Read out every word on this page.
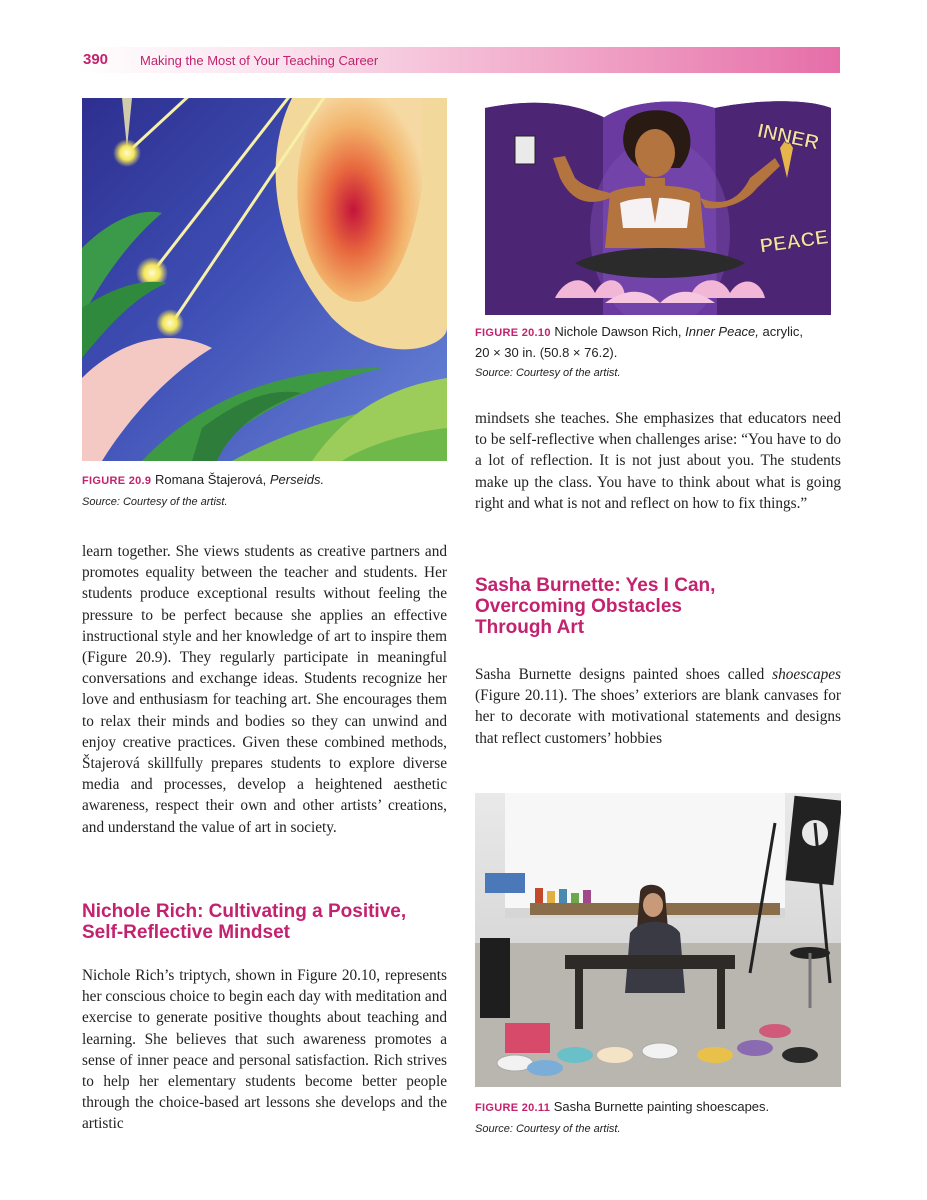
390 Making the Most of Your Teaching Career
FIGURE 20.9 Romana Štajerová, Perseids.
Source: Courtesy of the artist.

learn together. She views students as creative partners and promotes equality between the teacher and students. Her students produce exceptional results without feeling the pressure to be perfect because she applies an effective instructional style and her knowledge of art to inspire them (Figure 20.9). They regularly participate in meaningful conversations and exchange ideas. Students recognize her love and enthusiasm for teaching art. She encourages them to relax their minds and bodies so they can unwind and enjoy creative practices. Given these combined methods, Štajerová skillfully prepares students to explore diverse media and processes, develop a heightened aesthetic awareness, respect their own and other artists’ creations, and understand the value of art in society.

Nichole Rich: Cultivating a Positive,
Self-Reflective Mindset

Nichole Rich’s triptych, shown in Figure 20.10, represents her conscious choice to begin each day with meditation and exercise to generate positive thoughts about teaching and learning. She believes that such awareness promotes a sense of inner peace and personal satisfaction. Rich strives to help her elementary students become better people through the choice-based art lessons she develops and the artistic

INNER
PEACE
FIGURE 20.10 Nichole Dawson Rich, Inner Peace, acrylic,
20 × 30 in. (50.8 × 76.2).
Source: Courtesy of the artist.

mindsets she teaches. She emphasizes that educators need to be self-reflective when challenges arise: “You have to do a lot of reflection. It is not just about you. The students make up the class. You have to think about what is going right and what is not and reflect on how to fix things.”

Sasha Burnette: Yes I Can,
Overcoming Obstacles
Through Art

Sasha Burnette designs painted shoes called shoescapes (Figure 20.11). The shoes’ exteriors are blank canvases for her to decorate with motivational statements and designs that reflect customers’ hobbies

FIGURE 20.11 Sasha Burnette painting shoescapes.
Source: Courtesy of the artist.
